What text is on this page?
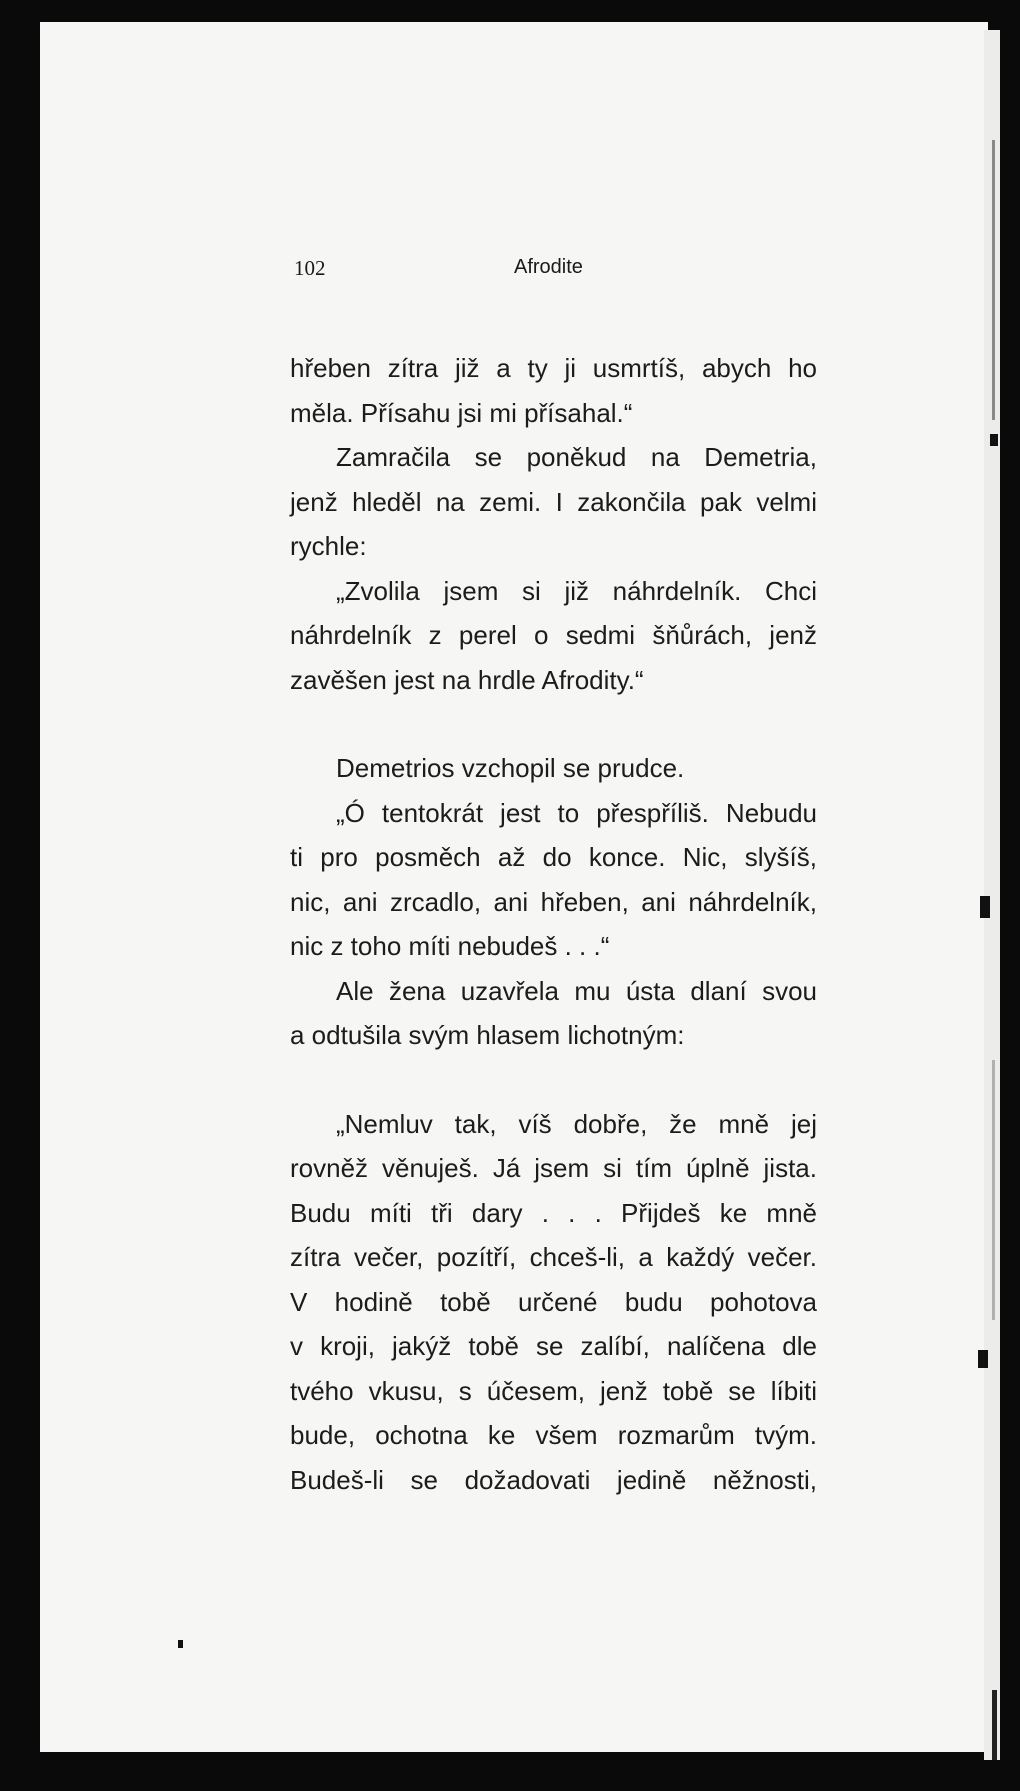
102	Afrodite

hřeben zítra již a ty ji usmrtíš, abych ho

měla. Přísahu jsi mi přísahal.“

Zamračila se poněkud na Demetria,

jenž hleděl na zemi. I zakončila pak velmi

rychle:

„Zvolila jsem si již náhrdelník. Chci

náhrdelník z perel o sedmi šňůrách, jenž

zavěšen jest na hrdle Afrodity.“

Demetrios vzchopil se prudce.

„Ó tentokrát jest to přespříliš. Nebudu

ti pro posměch až do konce. Nic, slyšíš,

nic, ani zrcadlo, ani hřeben, ani náhrdelník,

nic z toho míti nebudeš . . .“

Ale žena uzavřela mu ústa dlaní svou

a odtušila svým hlasem lichotným:

„Nemluv tak, víš dobře, že mně jej

rovněž věnuješ. Já jsem si tím úplně jista.

Budu míti tři dary . . . Přijdeš ke mně

zítra večer, pozítří, chceš-li, a každý večer.

V hodině tobě určené budu pohotova

v kroji, jakýž tobě se zalíbí, nalíčena dle

tvého vkusu, s účesem, jenž tobě se líbiti

bude, ochotna ke všem rozmarům tvým.

Budeš-li se dožadovati jedině něžnosti,
